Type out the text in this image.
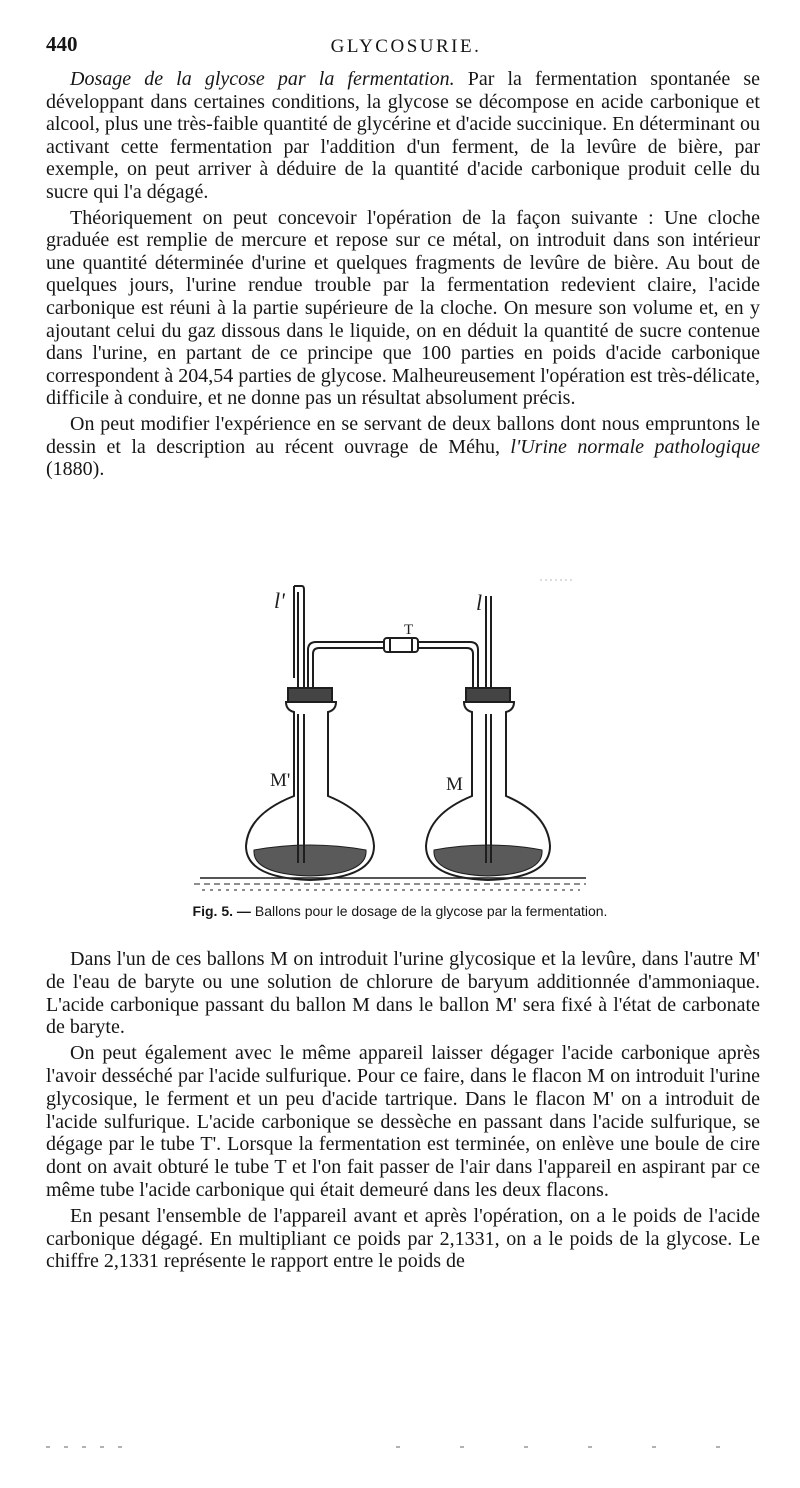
440	GLYCOSURIE.

Dosage de la glycose par la fermentation. Par la fermentation spontanée se développant dans certaines conditions, la glycose se décompose en acide carbonique et alcool, plus une très-faible quantité de glycérine et d'acide succinique. En déterminant ou activant cette fermentation par l'addition d'un ferment, de la levûre de bière, par exemple, on peut arriver à déduire de la quantité d'acide carbonique produit celle du sucre qui l'a dégagé.

Théoriquement on peut concevoir l'opération de la façon suivante : Une cloche graduée est remplie de mercure et repose sur ce métal, on introduit dans son intérieur une quantité déterminée d'urine et quelques fragments de levûre de bière. Au bout de quelques jours, l'urine rendue trouble par la fermentation redevient claire, l'acide carbonique est réuni à la partie supérieure de la cloche. On mesure son volume et, en y ajoutant celui du gaz dissous dans le liquide, on en déduit la quantité de sucre contenue dans l'urine, en partant de ce principe que 100 parties en poids d'acide carbonique correspondent à 204,54 parties de glycose. Malheureusement l'opération est très-délicate, difficile à conduire, et ne donne pas un résultat absolument précis.

On peut modifier l'expérience en se servant de deux ballons dont nous empruntons le dessin et la description au récent ouvrage de Méhu, l'Urine normale pathologique (1880).

l'	l
T
M'	M
Fig. 5. — Ballons pour le dosage de la glycose par la fermentation.

Dans l'un de ces ballons M on introduit l'urine glycosique et la levûre, dans l'autre M' de l'eau de baryte ou une solution de chlorure de baryum additionnée d'ammoniaque. L'acide carbonique passant du ballon M dans le ballon M' sera fixé à l'état de carbonate de baryte.

On peut également avec le même appareil laisser dégager l'acide carbonique après l'avoir desséché par l'acide sulfurique. Pour ce faire, dans le flacon M on introduit l'urine glycosique, le ferment et un peu d'acide tartrique. Dans le flacon M' on a introduit de l'acide sulfurique. L'acide carbonique se dessèche en passant dans l'acide sulfurique, se dégage par le tube T'. Lorsque la fermentation est terminée, on enlève une boule de cire dont on avait obturé le tube T et l'on fait passer de l'air dans l'appareil en aspirant par ce même tube l'acide carbonique qui était demeuré dans les deux flacons.

En pesant l'ensemble de l'appareil avant et après l'opération, on a le poids de l'acide carbonique dégagé. En multipliant ce poids par 2,1331, on a le poids de la glycose. Le chiffre 2,1331 représente le rapport entre le poids de
